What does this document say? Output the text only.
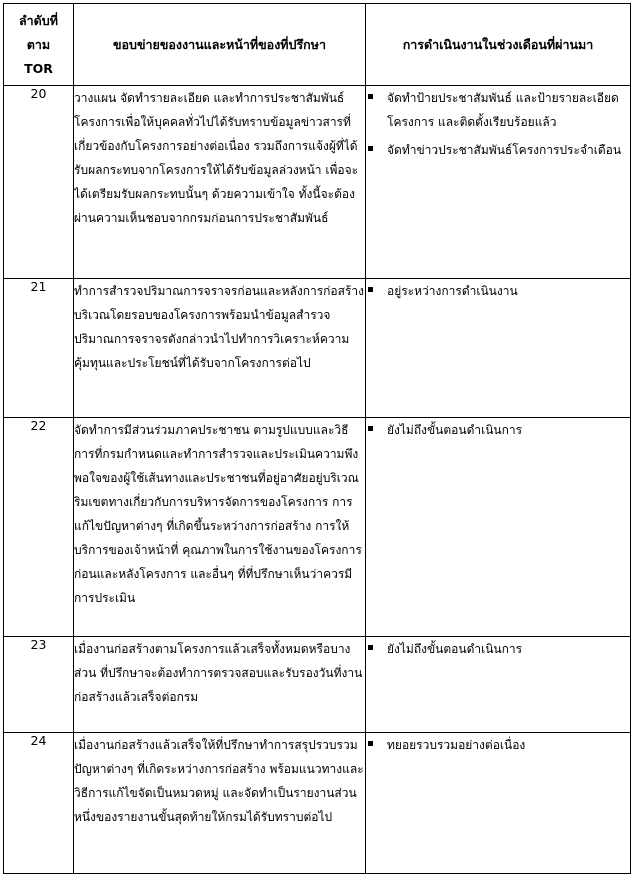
ลำดับที่
ตาม
TOR	ขอบข่ายของงานและหน้าที่ของที่ปรึกษา	การดำเนินงานในช่วงเดือนที่ผ่านมา
20	วางแผน จัดทำรายละเอียด และทำการประชาสัมพันธ์โครงการเพื่อให้บุคคลทั่วไปได้รับทราบข้อมูลข่าวสารที่เกี่ยวข้องกับโครงการอย่างต่อเนื่อง รวมถึงการแจ้งผู้ที่ได้รับผลกระทบจากโครงการให้ได้รับข้อมูลล่วงหน้า เพื่อจะได้เตรียมรับผลกระทบนั้นๆ ด้วยความเข้าใจ ทั้งนี้จะต้องผ่านความเห็นชอบจากกรมก่อนการประชาสัมพันธ์	จัดทำป้ายประชาสัมพันธ์ และป้ายรายละเอียดโครงการ และติดตั้งเรียบร้อยแล้ว
จัดทำข่าวประชาสัมพันธ์โครงการประจำเดือน

21	ทำการสำรวจปริมาณการจราจรก่อนและหลังการก่อสร้างบริเวณโดยรอบของโครงการพร้อมนำข้อมูลสำรวจปริมาณการจราจรดังกล่าวนำไปทำการวิเคราะห์ความคุ้มทุนและประโยชน์ที่ได้รับจากโครงการต่อไป	อยู่ระหว่างการดำเนินงาน

22	จัดทำการมีส่วนร่วมภาคประชาชน ตามรูปแบบและวิธีการที่กรมกำหนดและทำการสำรวจและประเมินความพึงพอใจของผู้ใช้เส้นทางและประชาชนที่อยู่อาศัยอยู่บริเวณริมเขตทางเกี่ยวกับการบริหารจัดการของโครงการ การแก้ไขปัญหาต่างๆ ที่เกิดขึ้นระหว่างการก่อสร้าง การให้บริการของเจ้าหน้าที่ คุณภาพในการใช้งานของโครงการก่อนและหลังโครงการ และอื่นๆ ที่ที่ปรึกษาเห็นว่าควรมีการประเมิน	ยังไม่ถึงขั้นตอนดำเนินการ

23	เมื่องานก่อสร้างตามโครงการแล้วเสร็จทั้งหมดหรือบางส่วน ที่ปรึกษาจะต้องทำการตรวจสอบและรับรองวันที่งานก่อสร้างแล้วเสร็จต่อกรม	ยังไม่ถึงขั้นตอนดำเนินการ

24	เมื่องานก่อสร้างแล้วเสร็จให้ที่ปรึกษาทำการสรุปรวบรวมปัญหาต่างๆ ที่เกิดระหว่างการก่อสร้าง พร้อมแนวทางและวิธีการแก้ไขจัดเป็นหมวดหมู่ และจัดทำเป็นรายงานส่วนหนึ่งของรายงานขั้นสุดท้ายให้กรมได้รับทราบต่อไป	ทยอยรวบรวมอย่างต่อเนื่อง
